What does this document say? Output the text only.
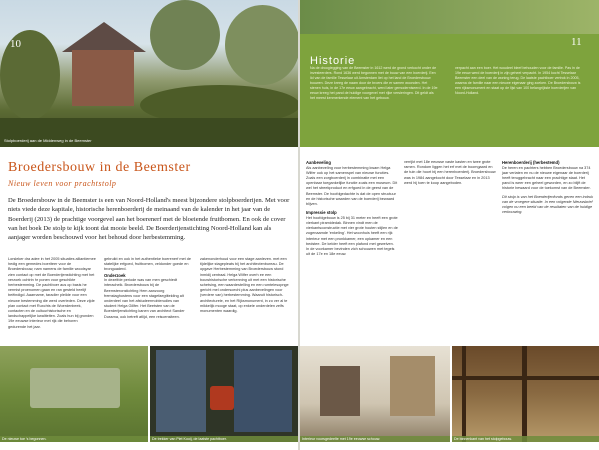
10
Stolpboerderij aan de Middenweg in de Beemster
Broedersbouw in de Beemster
Nieuw leven voor prachtstolp
De Broedersbouw in de Beemster is een van Noord-Holland's meest bijzondere stolpboerderijen. Met voor niets viede deze kapitale, historische herenboerderij de meinaand van de kalender in het jaar van de Boerderij (2013) de prachtige voorgevel aan het boerenerf met de bloeiende fruitbomen. En ook de cover van het boek De stolp te kijk toont dat mooie beeld. De Boerderijenstichting Noord-Holland kan als aanjager worden beschouwd voor het behoud door herbestemming.
Lorsleker dra adee in het 2005 situaties alliantiemee hedig een gemedes boeriteer voor de Broedersbouw, nam namens de familie woodsyar zien contact op met de Boerderijenstichting met het verzoek ochtrin hr ponen voor geschikte herbestemming. De pachtboer aus op basis he vermist proenomen gaan en ran gesteld heelijf beëindigd. Aaarname, taradier pleilde voor een nieuwe bestemming die werd overleden. Deze zijde plan contact met Ruxchts de Woerdenbeek, contacten en de cultuurhistorische en landschappelijke kwaliteiten. Zoals hun bij gronden 19e eeuwse interieur met rijk die behoren gedurende het jaar.
gebruikt en ook in het authentieke boerenerf met de statelijke erfgoed, fruitbomen, veldonder goede en bronguaderd.
Onderzoek
In dezelfde periode was van men geschiedt interacheik. Broedersbouw bij de Beemsteronstichting Hem aanzoorg fremstaghostens voor een stagefaegtitelding alt onderdeel van het afstudeermobierudies van student Helga Gillfer. Het Beetsten van de Boerderijenstichting kanen van architect Sander Dussma, ook betreft atlijd, een reiscensiteen.
zakenonderhoud voor een stage aanleven. met een tijdelijke stagepleats bij het architectenbureau. De opgave Herbestemming van Broedersbouw stond inmidij centraal. Helga Wilfer overh ee een bouwhistorische verkenning uit met een historische schetsing, een waardestelling en een rumtelesopnge gericht mel ondersoechi plus aanbevelingen voor (verdere van) herbestemming. Waaruit historisch-architecturele, en het Rijksmonument, in zo ver al te mikkelijk mooge staat, op enkele onderdelen zelfs monumenten waardig.
De nieuwe toe 's begonnen.	De trekker van Piet Kooij, de laatste pachtboer.
11
Historie
Na de drooglegging van de Beemster in 1612 werd de grond verkocht onder de investeerders. Rond 1636 werd begonnen met de bouw van een boerderij. Een lid van de familie Tesselaar uit Amsterdam liet op het land de Broedersbouw bouwen. Deze kreeg de naam door de broers die er samen woonden. Het stenen huis, in de 17e eeuw aangebracht, werd later gemoderniseerd. In de 19e eeuw kreeg het pand de huidige voorgevel met rijke versieringen. Dit geldt als het meest kenmerkende element van het gebouw.
verpacht aan een boer. Het woudeel bleef behouden voor de familie. Pas in de 19e eeuw werd de boerderij in zijn geheel verpacht. In 1954 kocht Tesselaar Beemster een deel van de woning terug. De laatste pachtboer vertrok in 2005, waarna de familie naar een nieuwe eigenaar ging zoeken. De Broedersbouw is een rijksmonument en staat op de lijst van 100 belangrijkste boerderijen van Noord-Holland.
Aanbeveling
Als aanbeveling voor herbestemming kwam Helga Wilfer ook op het samenspel van nieuwe functies. Zoals een zorgboerderij in combinatie met een openbaar toegankelijke functie zoals een museum. Dit wel het streekproduct en erfgoed in de geest van de Beemster. De hoofdgedachte is dat de open structuur en de historische waarden van de boerderij bewaard blijven.
Impressie stolp
Het hoofdgebouw is 25 bij 31 meter en heeft een grote vierkant piramidedak. Binnen vindt men de vierkantsconstructie met vier grote houten stijlen en de zogenaamde 'enkeling'. Het woonhuis heeft een rijk interieur met een pronkkamer, een opkamer en een bedstee. De kelder heeft een plafond met gewelven. In de voorkamer bevinden zich schouwen met tegels uit de 17e en 18e eeuw.
verrijkt met 18e eeuwse vaste kasten en twee grote ramen. Rondom liggen het erf met de boomgaard en de tuin die hoort bij een herenboerderij. Broedersbouw was in 1984 aangekocht door Tesselaar en in 2013 werd hij toen te koop aangeboden.
Herenboerderij (herbestemd)
De heren en pachters hebben Broedersbouw na 374 jaar verlaten en nu de nieuwe eigenaar de boerderij heeft teruggebracht naar een prachtige staat. Het pand is weer een geheel geworden, en zo blijft de historie bewaard voor de toekomst van de Beemster.
Dit stolp is van het Boerderijenfonds geven een indruk van de vroegere situatie. In een volgende Nieuwsbrief volgen nu een beeld van de resultaten van de huidige verbouwing.
Interieur voorsgedeelte met 19e eeuwse schouw.	De binnenkant van het stolpgebouw.
